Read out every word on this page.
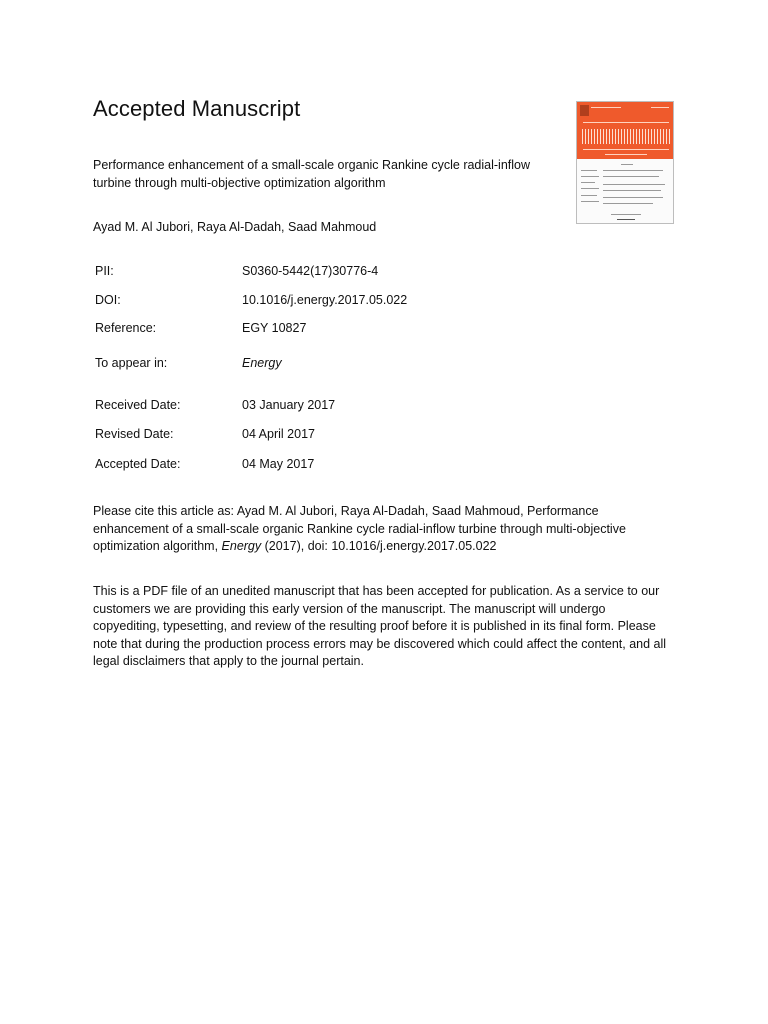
Accepted Manuscript

Performance enhancement of a small-scale organic Rankine cycle radial-inflow turbine through multi-objective optimization algorithm

Ayad M. Al Jubori, Raya Al-Dadah, Saad Mahmoud

PII:	S0360-5442(17)30776-4
DOI:	10.1016/j.energy.2017.05.022
Reference:	EGY 10827
To appear in:	Energy
Received Date:	03 January 2017
Revised Date:	04 April 2017
Accepted Date:	04 May 2017

Please cite this article as: Ayad M. Al Jubori, Raya Al-Dadah, Saad Mahmoud, Performance enhancement of a small-scale organic Rankine cycle radial-inflow turbine through multi-objective optimization algorithm, Energy (2017), doi: 10.1016/j.energy.2017.05.022

This is a PDF file of an unedited manuscript that has been accepted for publication. As a service to our customers we are providing this early version of the manuscript. The manuscript will undergo copyediting, typesetting, and review of the resulting proof before it is published in its final form. Please note that during the production process errors may be discovered which could affect the content, and all legal disclaimers that apply to the journal pertain.
